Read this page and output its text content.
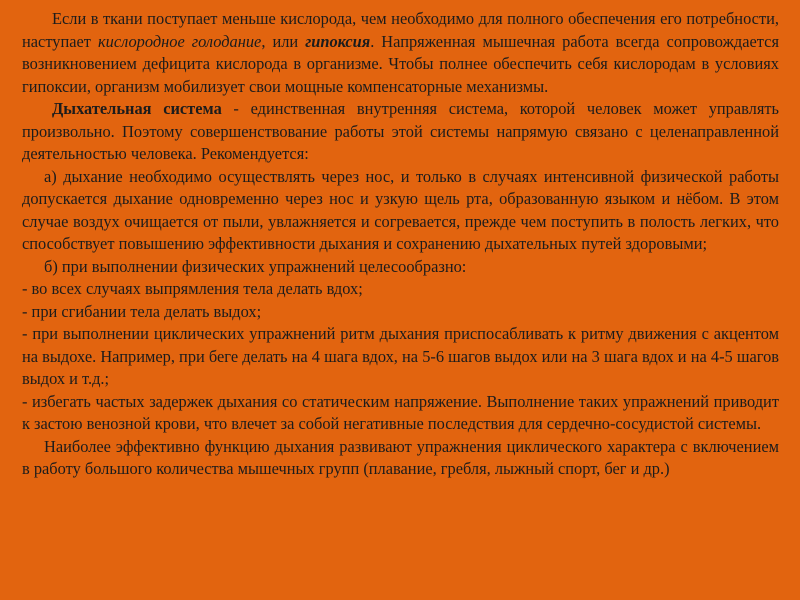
Если в ткани поступает меньше кислорода, чем необходимо для полного обеспечения его потребности, наступает кислородное голодание, или гипоксия. Напряженная мышечная работа всегда сопровождается возникновением дефицита кислорода в организме. Чтобы полнее обеспечить себя кислородам в условиях гипоксии, организм мобилизует свои мощные компенсаторные механизмы.

Дыхательная система - единственная внутренняя система, которой человек может управлять произвольно. Поэтому совершенствование работы этой системы напрямую связано с целенаправленной деятельностью человека. Рекомендуется:

а) дыхание необходимо осуществлять через нос, и только в случаях интенсивной физической работы допускается дыхание одновременно через нос и узкую щель рта, образованную языком и нёбом. В этом случае воздух очищается от пыли, увлажняется и согревается, прежде чем поступить в полость легких, что способствует повышению эффективности дыхания и сохранению дыхательных путей здоровыми;

б) при выполнении физических упражнений целесообразно:

- во всех случаях выпрямления тела делать вдох;

- при сгибании тела делать выдох;

- при выполнении циклических упражнений ритм дыхания приспосабливать к ритму движения с акцентом на выдохе. Например, при беге делать на 4 шага вдох, на 5-6 шагов выдох или на 3 шага вдох и на 4-5 шагов выдох и т.д.;

- избегать частых задержек дыхания со статическим напряжение. Выполнение таких упражнений приводит к застою венозной крови, что влечет за собой негативные последствия для сердечно-сосудистой системы.

Наиболее эффективно функцию дыхания развивают упражнения циклического характера с включением в работу большого количества мышечных групп (плавание, гребля, лыжный спорт, бег и др.)
